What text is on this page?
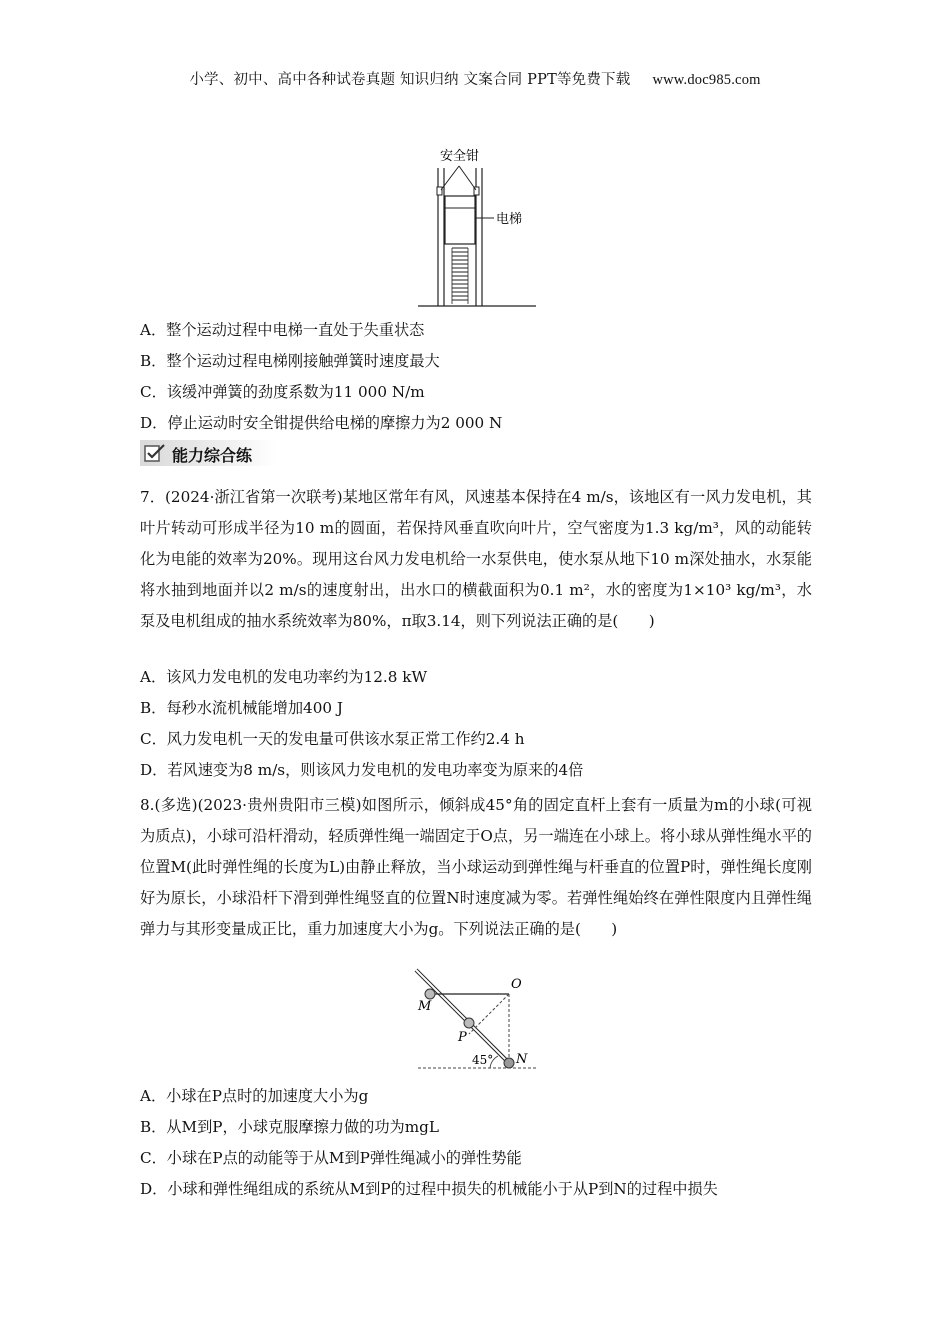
小学、初中、高中各种试卷真题 知识归纳 文案合同 PPT等免费下载 www.doc985.com
安全钳
电梯
A．整个运动过程中电梯一直处于失重状态
B．整个运动过程电梯刚接触弹簧时速度最大
C．该缓冲弹簧的劲度系数为11 000 N/m
D．停止运动时安全钳提供给电梯的摩擦力为2 000 N
能力综合练
7．(2024·浙江省第一次联考)某地区常年有风，风速基本保持在4 m/s，该地区有一风力发电机，其叶片转动可形成半径为10 m的圆面，若保持风垂直吹向叶片，空气密度为1.3 kg/m³，风的动能转化为电能的效率为20%。现用这台风力发电机给一水泵供电，使水泵从地下10 m深处抽水，水泵能将水抽到地面并以2 m/s的速度射出，出水口的横截面积为0.1 m²，水的密度为1×10³ kg/m³，水泵及电机组成的抽水系统效率为80%，π取3.14，则下列说法正确的是(　　)
A．该风力发电机的发电功率约为12.8 kW
B．每秒水流机械能增加400 J
C．风力发电机一天的发电量可供该水泵正常工作约2.4 h
D．若风速变为8 m/s，则该风力发电机的发电功率变为原来的4倍
8.(多选)(2023·贵州贵阳市三模)如图所示，倾斜成45°角的固定直杆上套有一质量为m的小球(可视为质点)，小球可沿杆滑动，轻质弹性绳一端固定于O点，另一端连在小球上。将小球从弹性绳水平的位置M(此时弹性绳的长度为L)由静止释放，当小球运动到弹性绳与杆垂直的位置P时，弹性绳长度刚好为原长，小球沿杆下滑到弹性绳竖直的位置N时速度减为零。若弹性绳始终在弹性限度内且弹性绳弹力与其形变量成正比，重力加速度大小为g。下列说法正确的是(　　)
O
M
P
N
45°
A．小球在P点时的加速度大小为g
B．从M到P，小球克服摩擦力做的功为mgL
C．小球在P点的动能等于从M到P弹性绳减小的弹性势能
D．小球和弹性绳组成的系统从M到P的过程中损失的机械能小于从P到N的过程中损失
